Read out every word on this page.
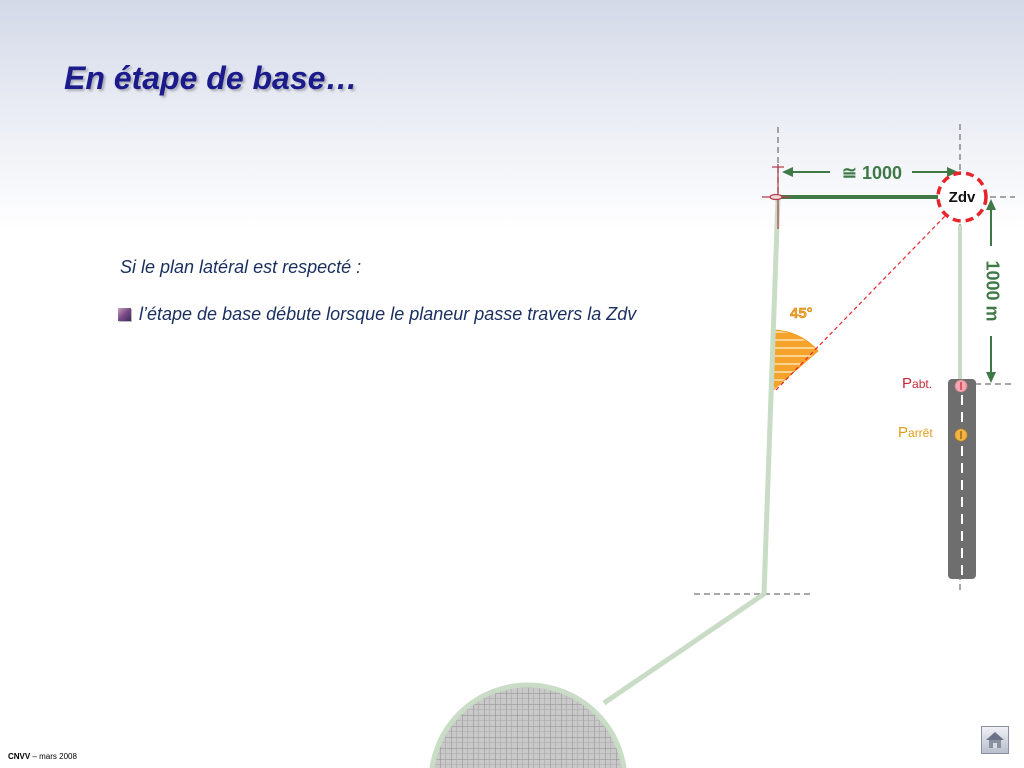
En étape de base…

Si le plan latéral est respecté :

l’étape de base débute lorsque le planeur passe travers la Zdv
≅ 1000
1000 m
Zdv
45°
Pabt.
Parrêt

CNVV – mars 2008
